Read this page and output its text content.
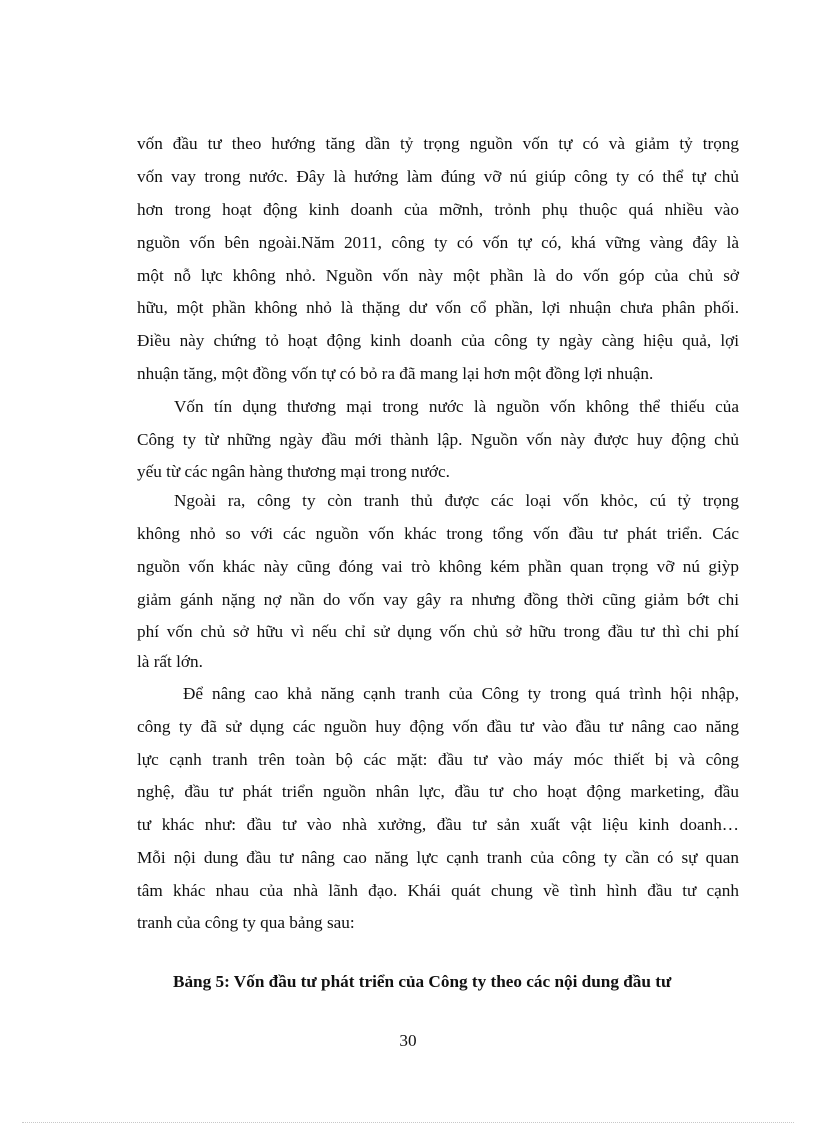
vốn đầu tư theo hướng tăng dần tỷ trọng nguồn vốn tự có và giảm tỷ trọng
vốn vay trong nước. Đây là hướng làm đúng vỡ nú giúp công ty có thể tự chủ
hơn trong hoạt động kinh doanh của mỡnh, trỏnh phụ thuộc quá nhiều vào
nguồn vốn bên ngoài.Năm 2011, công ty có vốn tự có, khá vững vàng đây là
một nỗ lực không nhỏ. Nguồn vốn này một phần là do vốn góp của chủ sở
hữu, một phần không nhỏ là thặng dư vốn cổ phần, lợi nhuận chưa phân phối.
Điều này chứng tỏ hoạt động kinh doanh của công ty ngày càng hiệu quả, lợi
nhuận tăng, một đồng vốn tự có bỏ ra đã mang lại hơn một đồng lợi nhuận.
Vốn tín dụng thương mại trong nước là nguồn vốn không thể thiếu của
Công ty từ những ngày đầu mới thành lập. Nguồn vốn này được huy động chủ
yếu từ các ngân hàng thương mại trong nước.
Ngoài ra, công ty còn tranh thủ được các loại vốn khỏc, cú tỷ trọng
không nhỏ so với các nguồn vốn khác trong tổng vốn đầu tư phát triển. Các
nguồn vốn khác này cũng đóng vai trò không kém phần quan trọng vỡ nú giỳp
giảm gánh nặng nợ nần do vốn vay gây ra nhưng đồng thời cũng giảm bớt chi
phí vốn chủ sở hữu vì nếu chỉ sử dụng vốn chủ sở hữu trong đầu tư thì chi phí
là rất lớn.
Để nâng cao khả năng cạnh tranh của Công ty trong quá trình hội nhập,
công ty đã sử dụng các nguồn huy động vốn đầu tư vào đầu tư nâng cao năng
lực cạnh tranh trên toàn bộ các mặt: đầu tư vào máy móc thiết bị và công
nghệ, đầu tư phát triển nguồn nhân lực, đầu tư cho hoạt động marketing, đầu
tư khác như: đầu tư vào nhà xưởng, đầu tư sản xuất vật liệu kinh doanh…
Mỗi nội dung đầu tư nâng cao năng lực cạnh tranh của công ty cần có sự quan
tâm khác nhau của nhà lãnh đạo. Khái quát chung về tình hình đầu tư cạnh
tranh của công ty qua bảng sau:
Bảng 5: Vốn đầu tư phát triển của Công ty theo các nội dung đầu tư
30
